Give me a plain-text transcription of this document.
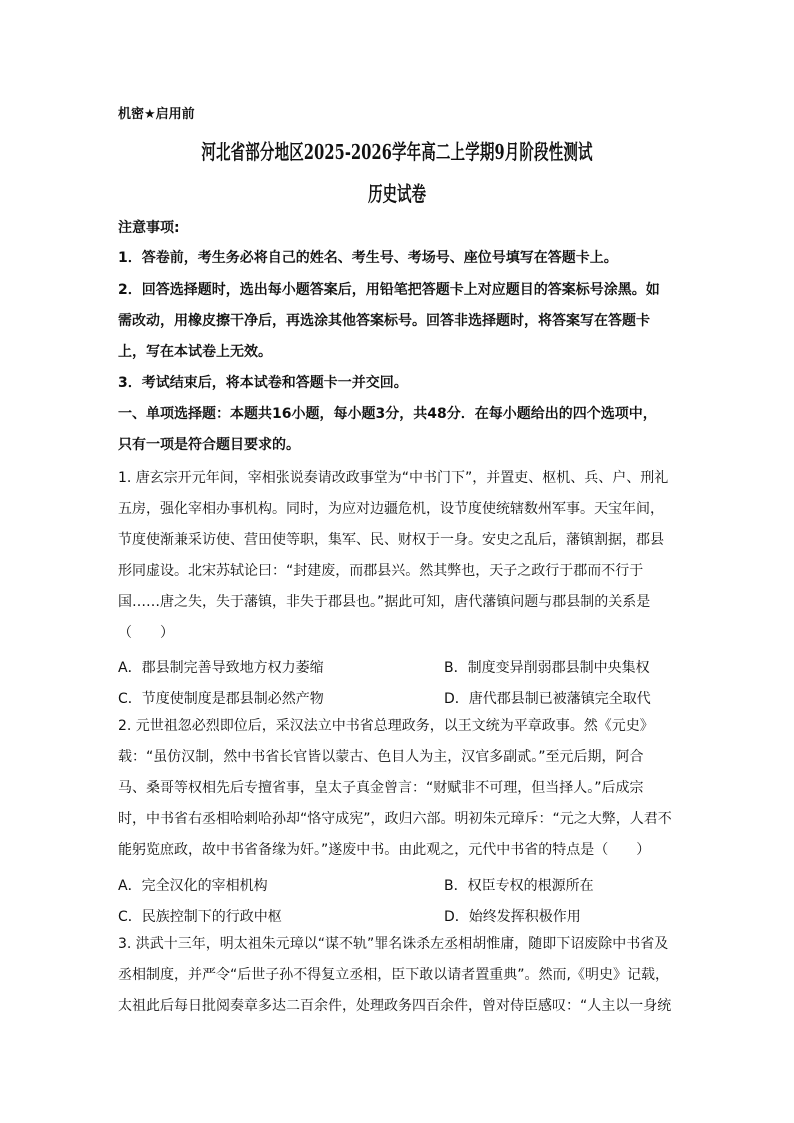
机密★启用前
河北省部分地区2025-2026学年高二上学期9月阶段性测试
历史试卷
注意事项:
1．答卷前，考生务必将自己的姓名、考生号、考场号、座位号填写在答题卡上。
2．回答选择题时，选出每小题答案后，用铅笔把答题卡上对应题目的答案标号涂黑。如
需改动，用橡皮擦干净后，再选涂其他答案标号。回答非选择题时，将答案写在答题卡
上，写在本试卷上无效。
3．考试结束后，将本试卷和答题卡一并交回。
一、单项选择题：本题共16小题，每小题3分，共48分．在每小题给出的四个选项中，
只有一项是符合题目要求的。
1. 唐玄宗开元年间，宰相张说奏请改政事堂为“中书门下”，并置吏、枢机、兵、户、刑礼
五房，强化宰相办事机构。同时，为应对边疆危机，设节度使统辖数州军事。天宝年间，
节度使渐兼采访使、营田使等职，集军、民、财权于一身。安史之乱后，藩镇割据，郡县
形同虚设。北宋苏轼论曰：“封建废，而郡县兴。然其弊也，天子之政行于郡而不行于
国……唐之失，失于藩镇，非失于郡县也。”据此可知，唐代藩镇问题与郡县制的关系是
（　　）
A．郡县制完善导致地方权力萎缩	B．制度变异削弱郡县制中央集权
C．节度使制度是郡县制必然产物	D．唐代郡县制已被藩镇完全取代
2. 元世祖忽必烈即位后，采汉法立中书省总理政务，以王文统为平章政事。然《元史》
载：“虽仿汉制，然中书省长官皆以蒙古、色目人为主，汉官多副贰。”至元后期，阿合
马、桑哥等权相先后专擅省事，皇太子真金曾言：“财赋非不可理，但当择人。”后成宗
时，中书省右丞相哈剌哈孙却“恪守成宪”，政归六部。明初朱元璋斥：“元之大弊，人君不
能躬览庶政，故中书省备缘为奸。”遂废中书。由此观之，元代中书省的特点是（　　）
A．完全汉化的宰相机构	B．权臣专权的根源所在
C．民族控制下的行政中枢	D．始终发挥积极作用
3. 洪武十三年，明太祖朱元璋以“谋不轨”罪名诛杀左丞相胡惟庸，随即下诏废除中书省及
丞相制度，并严令“后世子孙不得复立丞相，臣下敢以请者置重典”。然而,《明史》记载，
太祖此后每日批阅奏章多达二百余件，处理政务四百余件，曾对侍臣感叹：“人主以一身统
